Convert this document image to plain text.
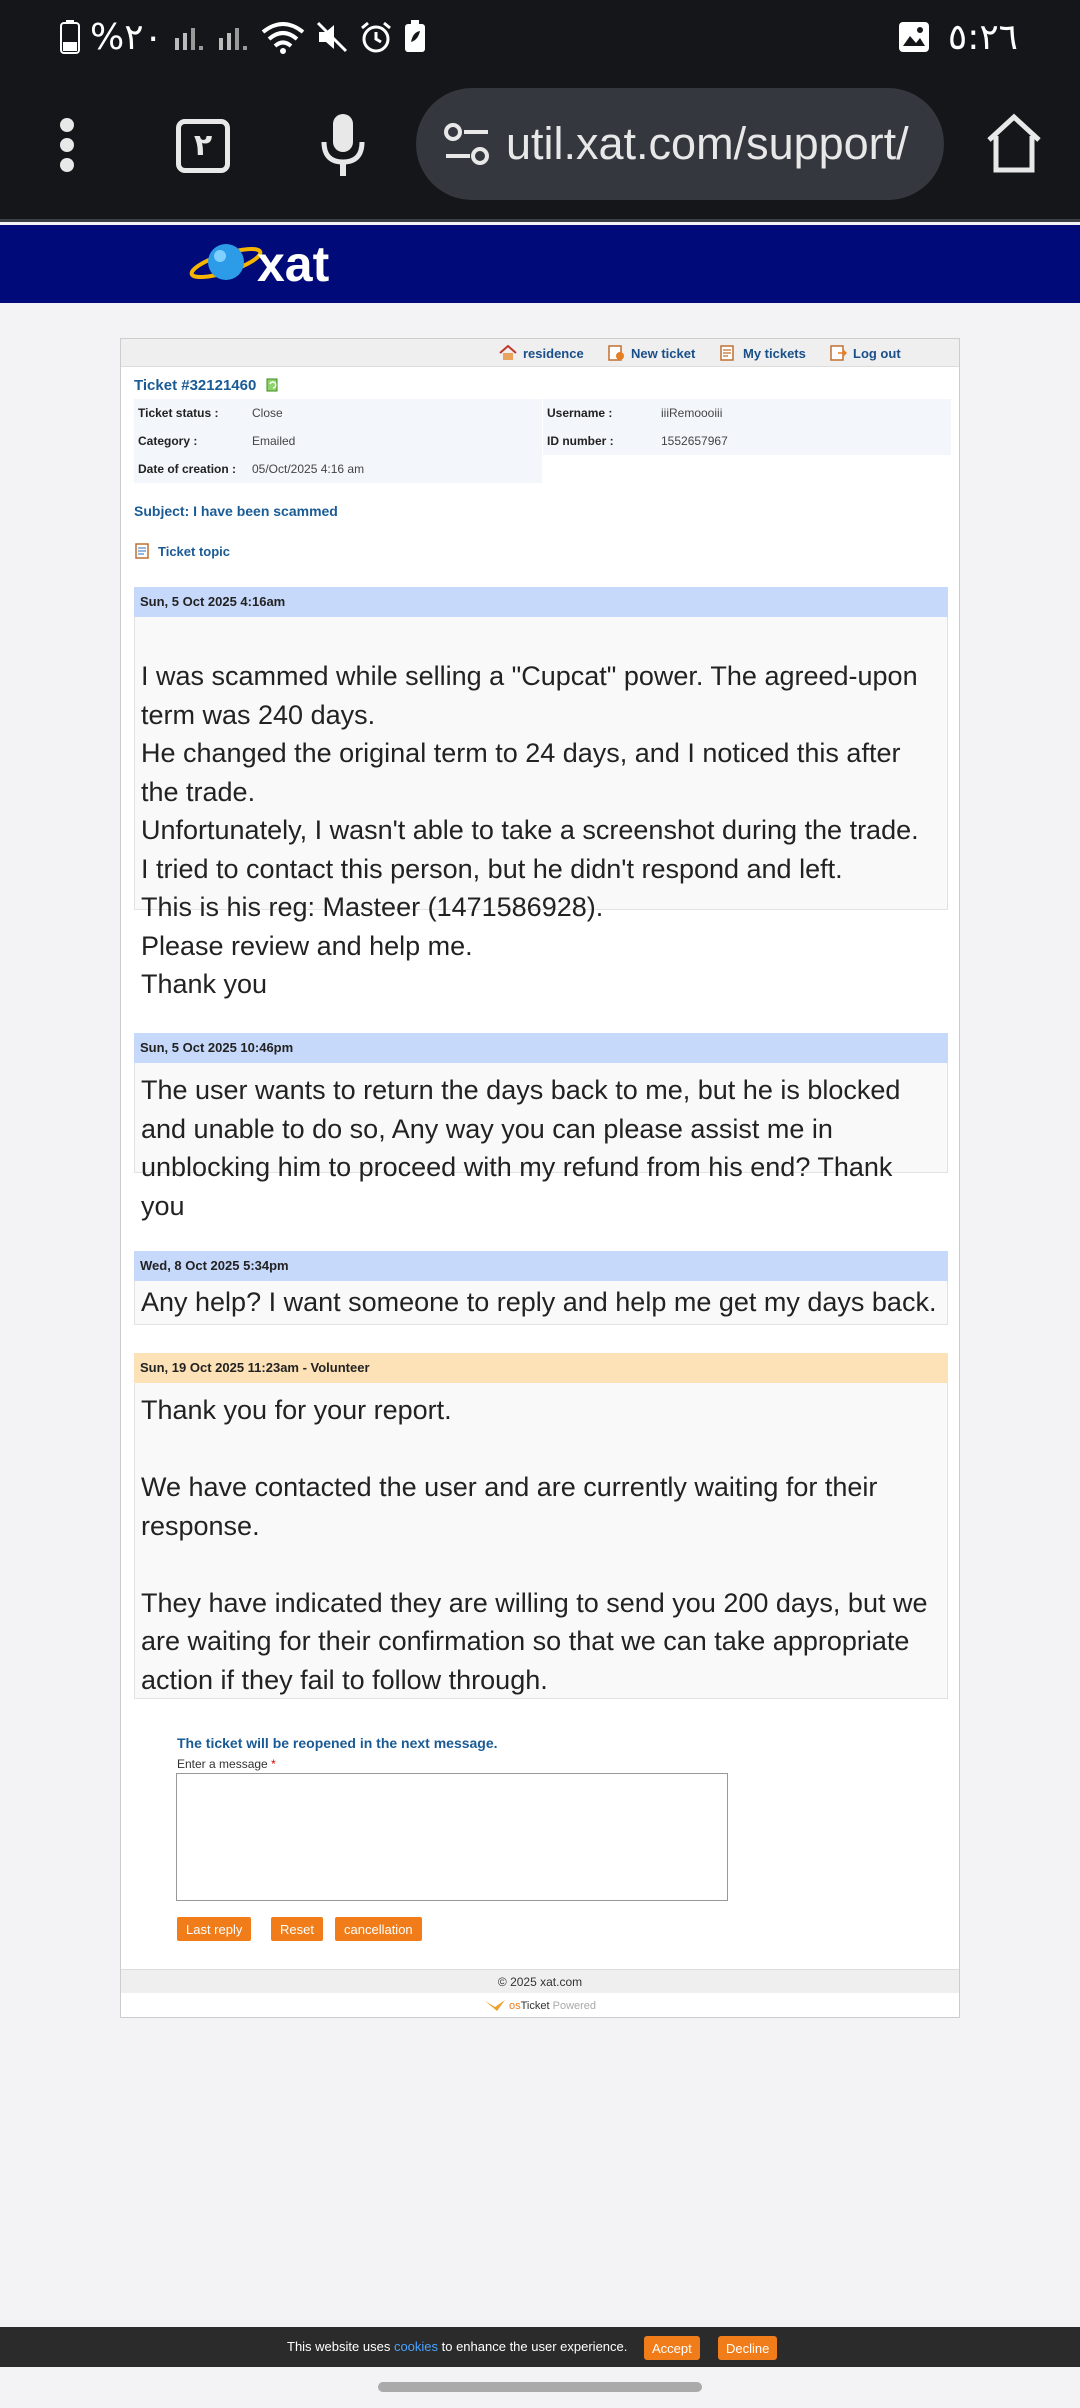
%٢٠	٥:٢٦
٢	util.xat.com/support/
xat
residence	New ticket	My tickets	Log out
Ticket #32121460
Ticket status :	Close
Category :	Emailed
Date of creation :	05/Oct/2025 4:16 am
Username :	iiiRemoooiii
ID number :	1552657967
Subject: I have been scammed
Ticket topic
Sun, 5 Oct 2025 4:16am
I was scammed while selling a "Cupcat" power. The agreed-upon term was 240 days.
He changed the original term to 24 days, and I noticed this after the trade.
Unfortunately, I wasn't able to take a screenshot during the trade.
I tried to contact this person, but he didn't respond and left.
This is his reg: Masteer (1471586928).
Please review and help me.
Thank you
Sun, 5 Oct 2025 10:46pm
The user wants to return the days back to me, but he is blocked and unable to do so, Any way you can please assist me in unblocking him to proceed with my refund from his end? Thank you
Wed, 8 Oct 2025 5:34pm
Any help? I want someone to reply and help me get my days back.
Sun, 19 Oct 2025 11:23am - Volunteer
Thank you for your report.

We have contacted the user and are currently waiting for their response.

They have indicated they are willing to send you 200 days, but we are waiting for their confirmation so that we can take appropriate action if they fail to follow through.
The ticket will be reopened in the next message.
Enter a message *
Last reply	Reset	cancellation
© 2025 xat.com
osTicket Powered
This website uses cookies to enhance the user experience.	Accept	Decline
